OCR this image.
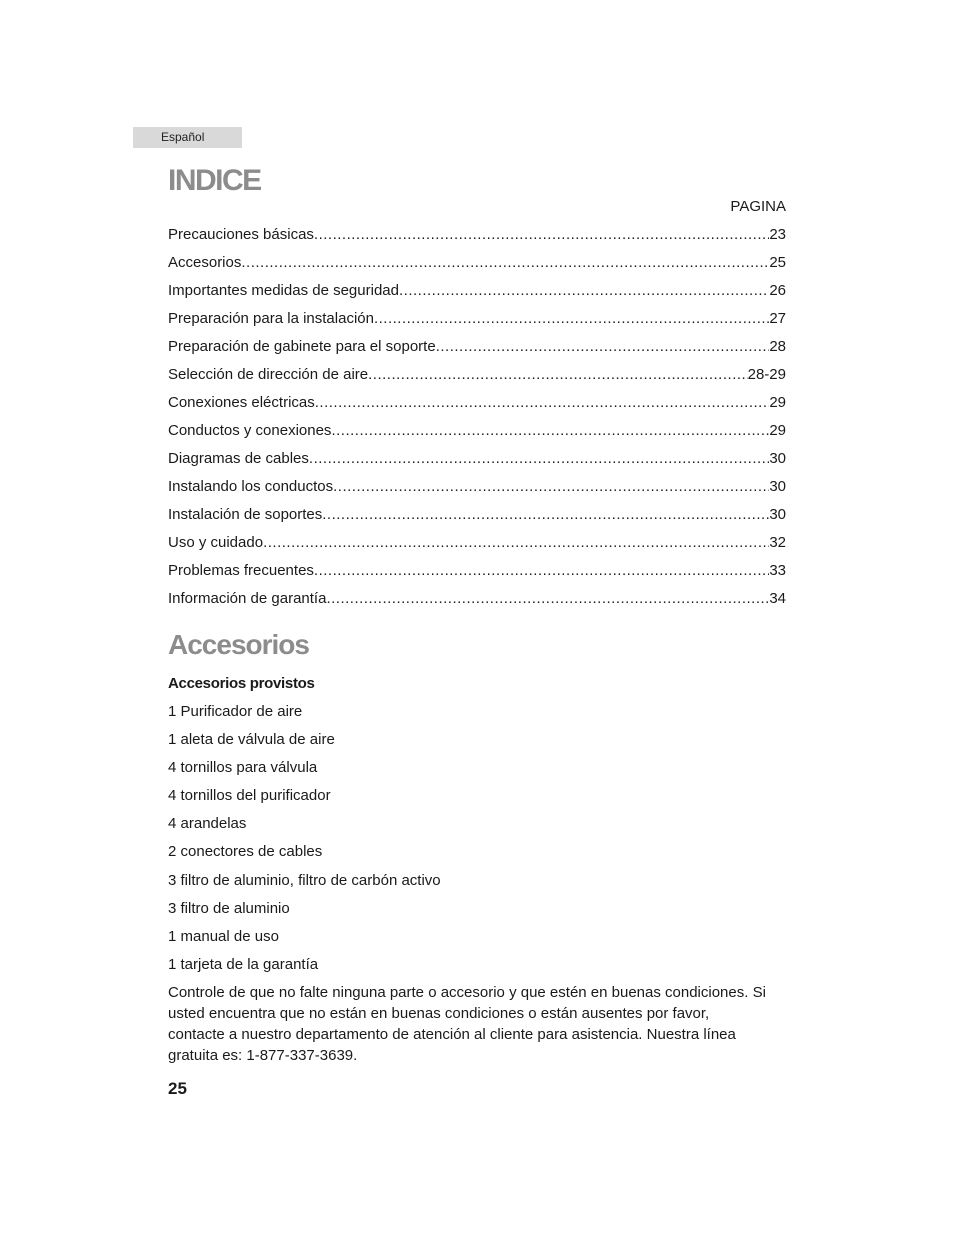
Español
INDICE
PAGINA
Precauciones básicas .....	23
Accesorios .....	25
Importantes medidas de seguridad .....	26
Preparación para la instalación .....	27
Preparación de gabinete para el soporte .....	28
Selección de dirección de aire .....	28-29
Conexiones eléctricas .....	29
Conductos y conexiones .....	29
Diagramas de cables .....	30
Instalando los conductos .....	30
Instalación de soportes .....	30
Uso y cuidado .....	32
Problemas frecuentes .....	33
Información de garantía .....	34
Accesorios
Accesorios provistos
1 Purificador de aire
1 aleta de válvula de aire
4 tornillos para válvula
4 tornillos del purificador
4 arandelas
2 conectores de cables
3 filtro de aluminio, filtro de carbón activo
3 filtro de aluminio
1 manual de uso
1 tarjeta de la garantía

Controle de que no falte ninguna parte o accesorio y que estén en buenas condiciones. Si usted encuentra que no están en buenas condiciones o están ausentes por favor, contacte a nuestro departamento de atención al cliente para asistencia. Nuestra línea gratuita es: 1-877-337-3639.

25
